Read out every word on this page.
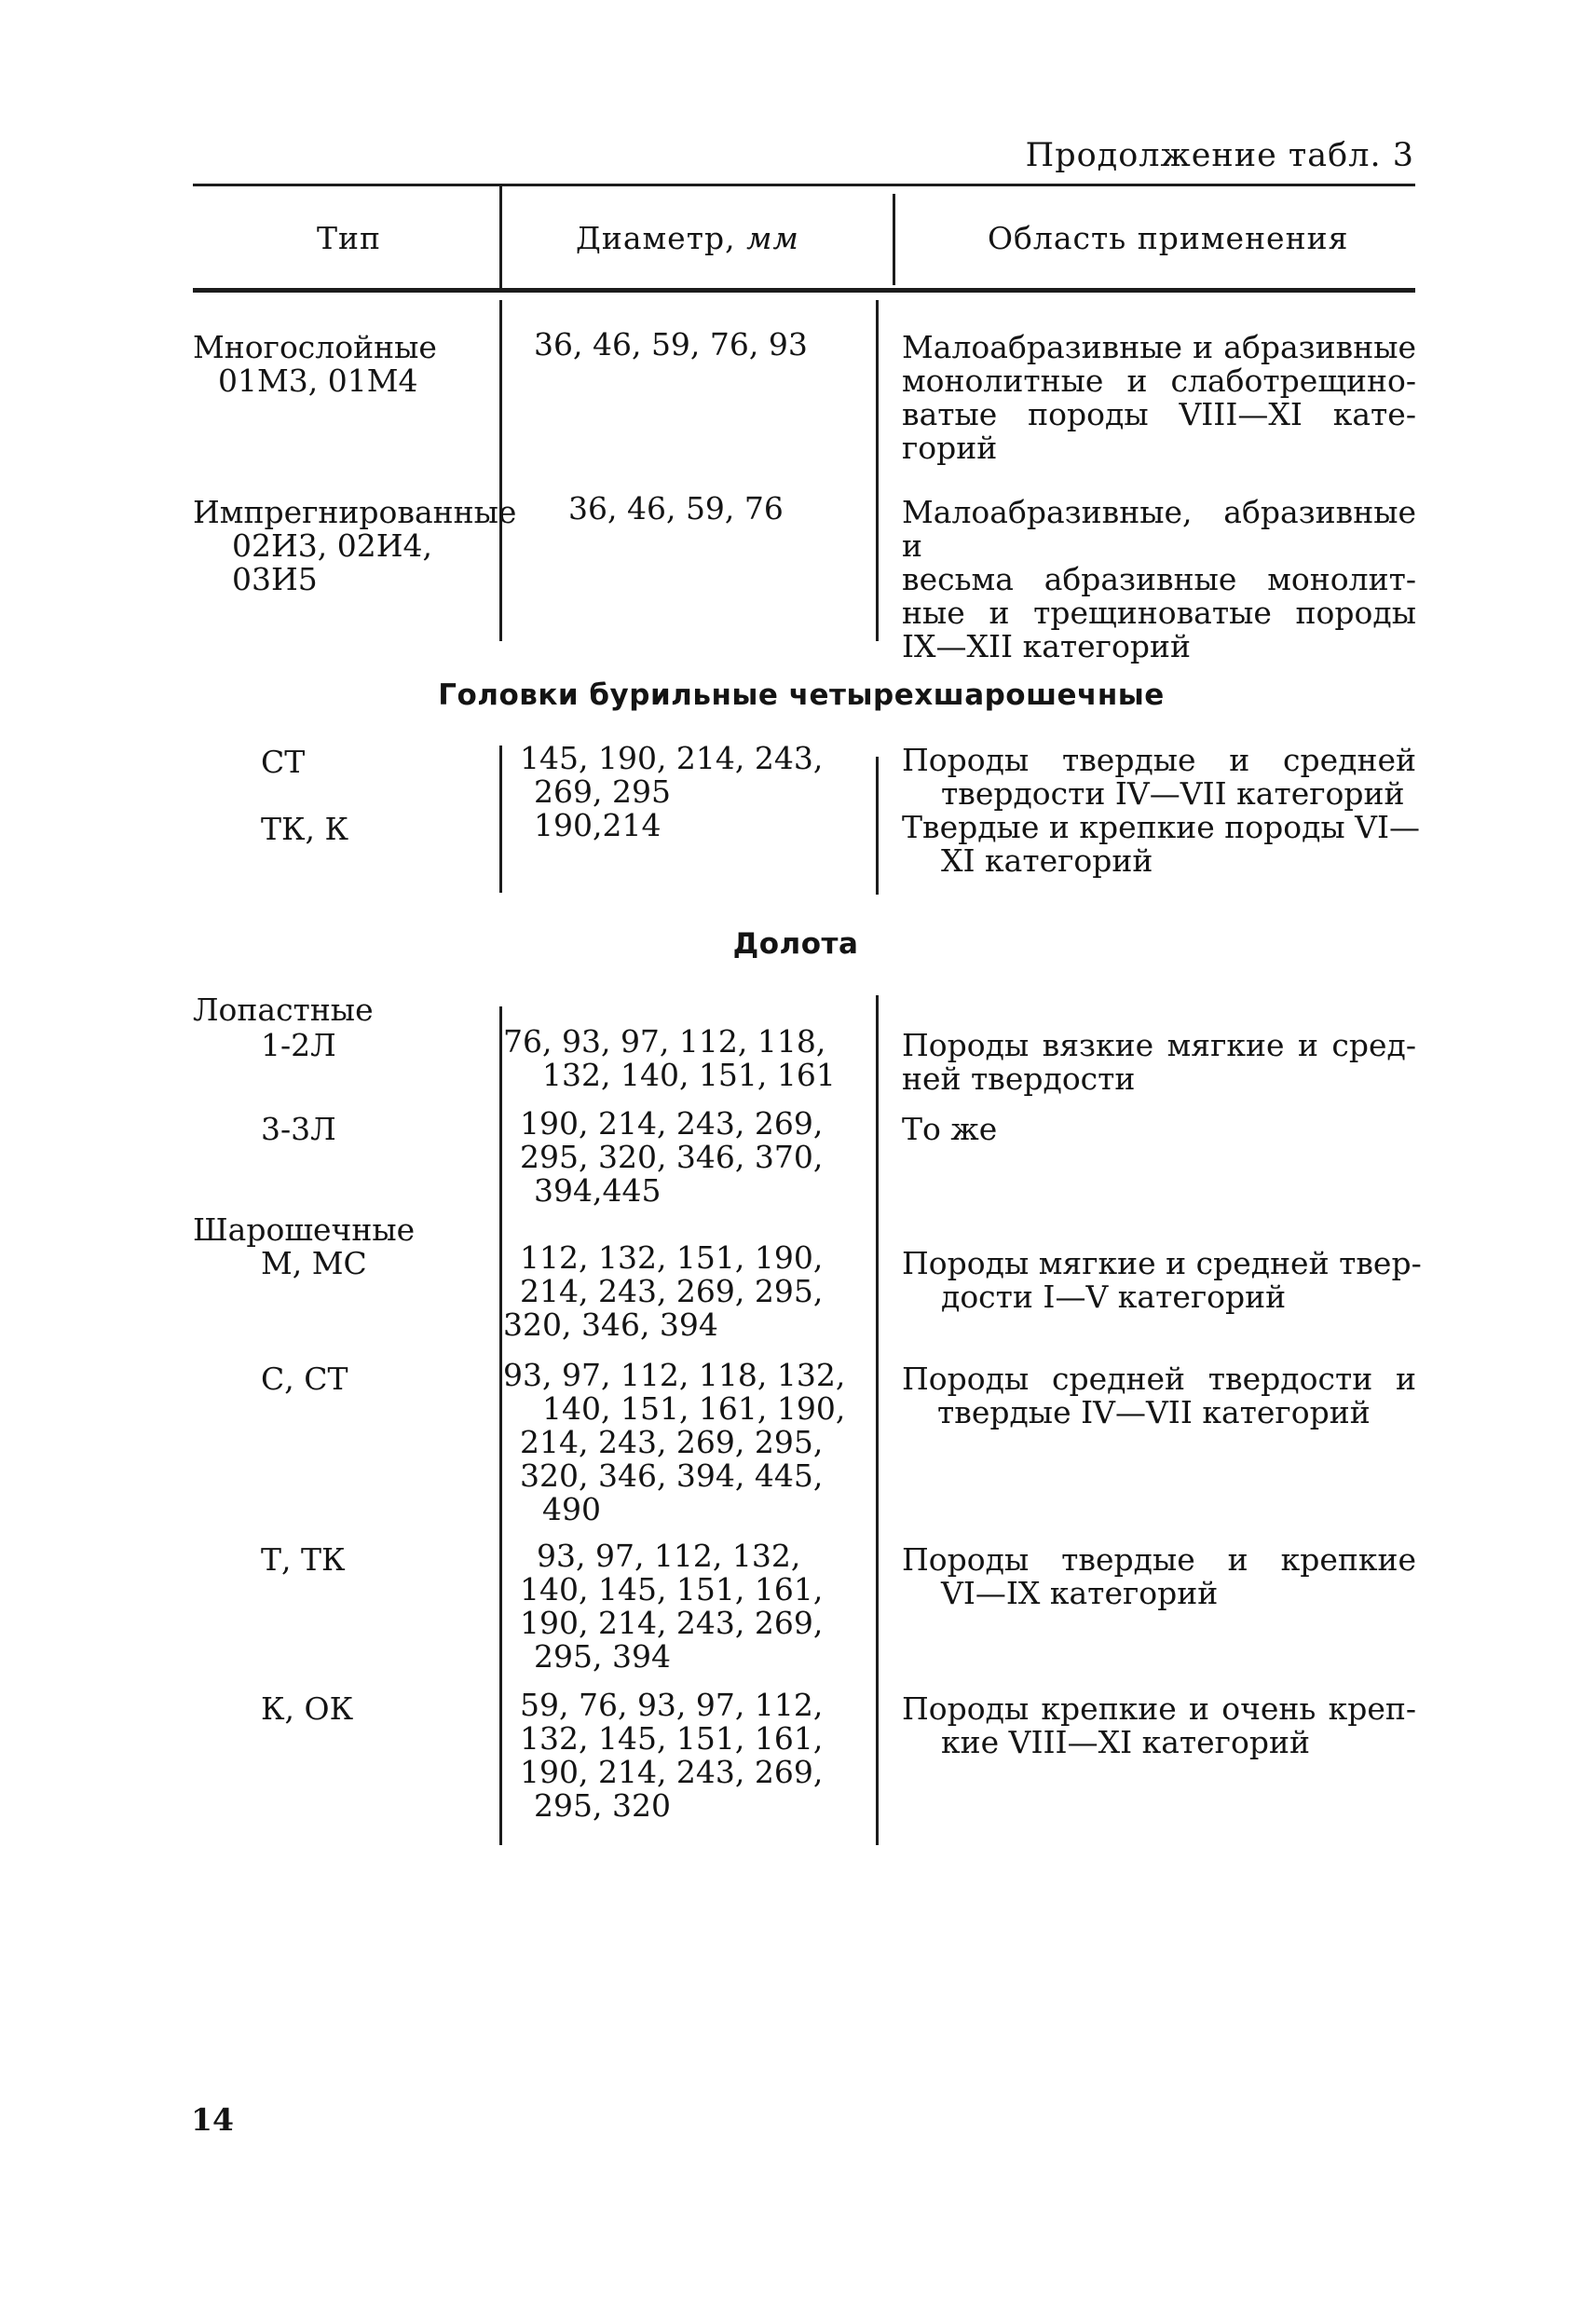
Продолжение табл. 3
Тип	Диаметр, мм	Область применения
Многослойные
01М3, 01М4
36, 46, 59, 76, 93	Малоабразивные и абразивные
монолитные и слаботрещино-
ватые породы VIII—XI кате-
горий
Импрегнированные
02И3, 02И4,
03И5
36, 46, 59, 76	Малоабразивные, абразивные и
весьма абразивные монолит-
ные и трещиноватые породы
IX—XII категорий
Головки бурильные четырехшарошечные
СТ	145, 190, 214, 243,
269, 295
Породы твердые и средней
твердости IV—VII категорий
ТК, К	190,214	Твердые и крепкие породы VI—
XI категорий
Долота
Лопастные
1-2Л	76, 93, 97, 112, 118,
132, 140, 151, 161
Породы вязкие мягкие и сред-
ней твердости
3-3Л	190, 214, 243, 269,
295, 320, 346, 370,
394,445
То же
Шарошечные
М, МС	112, 132, 151, 190,
214, 243, 269, 295,
320, 346, 394
Породы мягкие и средней твер-
дости I—V категорий
С, СТ	93, 97, 112, 118, 132,
140, 151, 161, 190,
214, 243, 269, 295,
320, 346, 394, 445,
490
Породы средней твердости и
твердые IV—VII категорий
Т, ТК	93, 97, 112, 132,
140, 145, 151, 161,
190, 214, 243, 269,
295, 394
Породы твердые и крепкие
VI—IX категорий
К, ОК	59, 76, 93, 97, 112,
132, 145, 151, 161,
190, 214, 243, 269,
295, 320
Породы крепкие и очень креп-
кие VIII—XI категорий
14
